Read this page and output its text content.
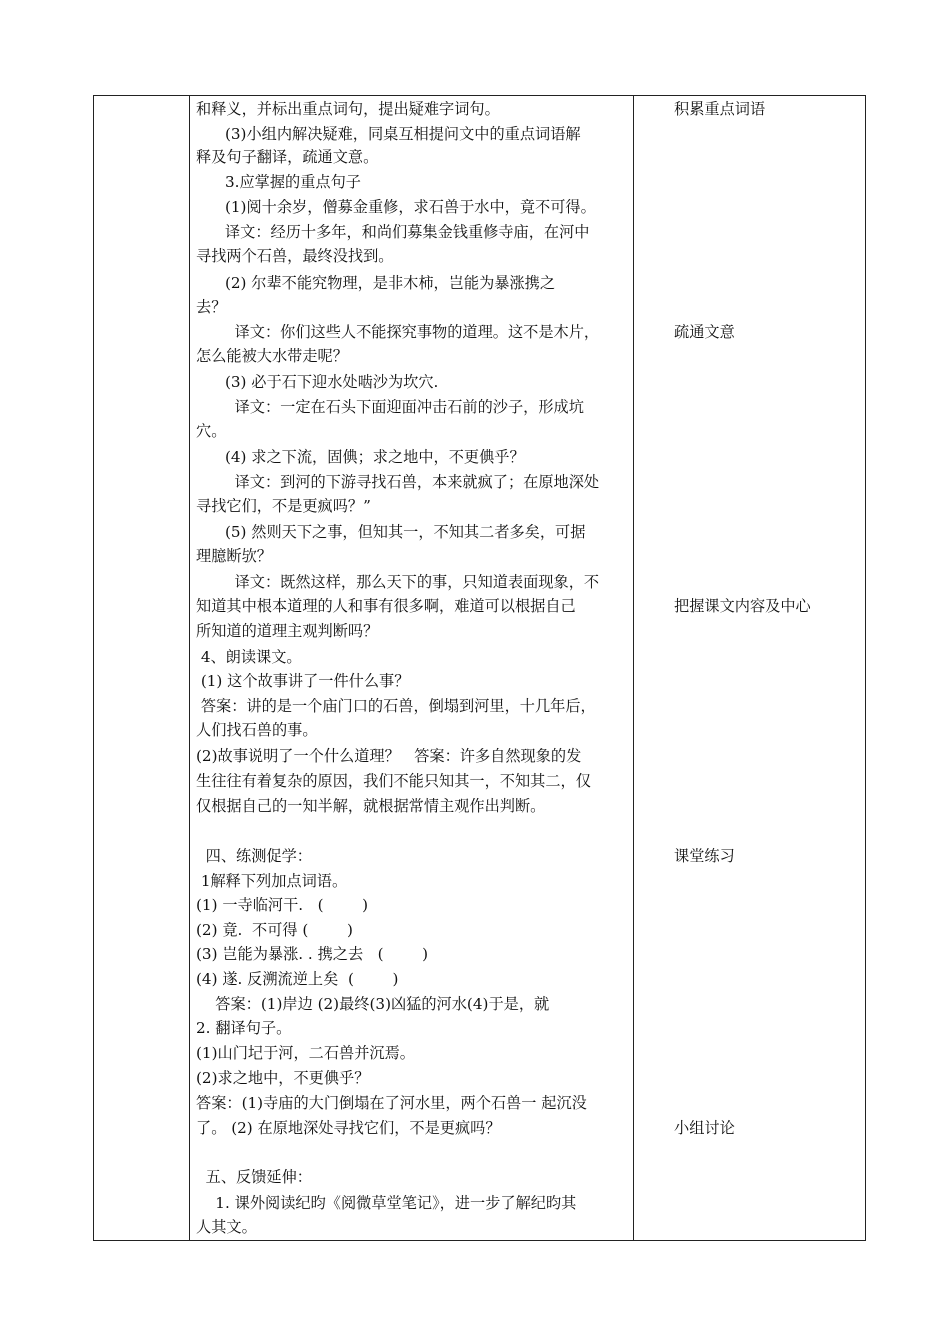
和释义，并标出重点词句，提出疑难字词句。
(3)小组内解决疑难，同桌互相提问文中的重点词语解
释及句子翻译，疏通文意。
3.应掌握的重点句子
(1)阅十余岁，僧募金重修，求石兽于水中，竟不可得。
译文：经历十多年，和尚们募集金钱重修寺庙，在河中
寻找两个石兽，最终没找到。
(2) 尔辈不能究物理，是非木柿，岂能为暴涨携之
去？
译文：你们这些人不能探究事物的道理。这不是木片，
怎么能被大水带走呢？
(3) 必于石下迎水处啮沙为坎穴.
译文：一定在石头下面迎面冲击石前的沙子，形成坑
穴。
(4) 求之下流，固倎；求之地中，不更倎乎？
译文：到河的下游寻找石兽，本来就疯了；在原地深处
寻找它们，不是更疯吗？”
(5) 然则天下之事，但知其一，不知其二者多矣，可据
理臆断欤？
译文：既然这样，那么天下的事，只知道表面现象，不
知道其中根本道理的人和事有很多啊，难道可以根据自己
所知道的道理主观判断吗？
4、朗读课文。
(1) 这个故事讲了一件什么事？
答案：讲的是一个庙门口的石兽，倒塌到河里，十几年后，
人们找石兽的事。
(2)故事说明了一个什么道理？   答案：许多自然现象的发
生往往有着复杂的原因，我们不能只知其一，不知其二，仅
仅根据自己的一知半解，就根据常情主观作出判断。
四、练测促学：
1解释下列加点词语。
(1) 一寺临河干.   (        )
(2) 竟.  不可得 (        )
(3) 岂能为暴涨. . 携之去   (        )
(4) 遂. 反溯流逆上矣  (        )
答案：(1)岸边 (2)最终(3)凶猛的河水(4)于是，就
2. 翻译句子。
(1)山门圮于河，二石兽并沉焉。
(2)求之地中，不更倎乎？
答案：(1)寺庙的大门倒塌在了河水里，两个石兽一 起沉没
了。 (2) 在原地深处寻找它们，不是更疯吗？
五、反馈延伸：
1. 课外阅读纪昀《阅微草堂笔记》，进一步了解纪昀其
人其文。
积累重点词语
疏通文意
把握课文内容及中心
课堂练习
小组讨论
